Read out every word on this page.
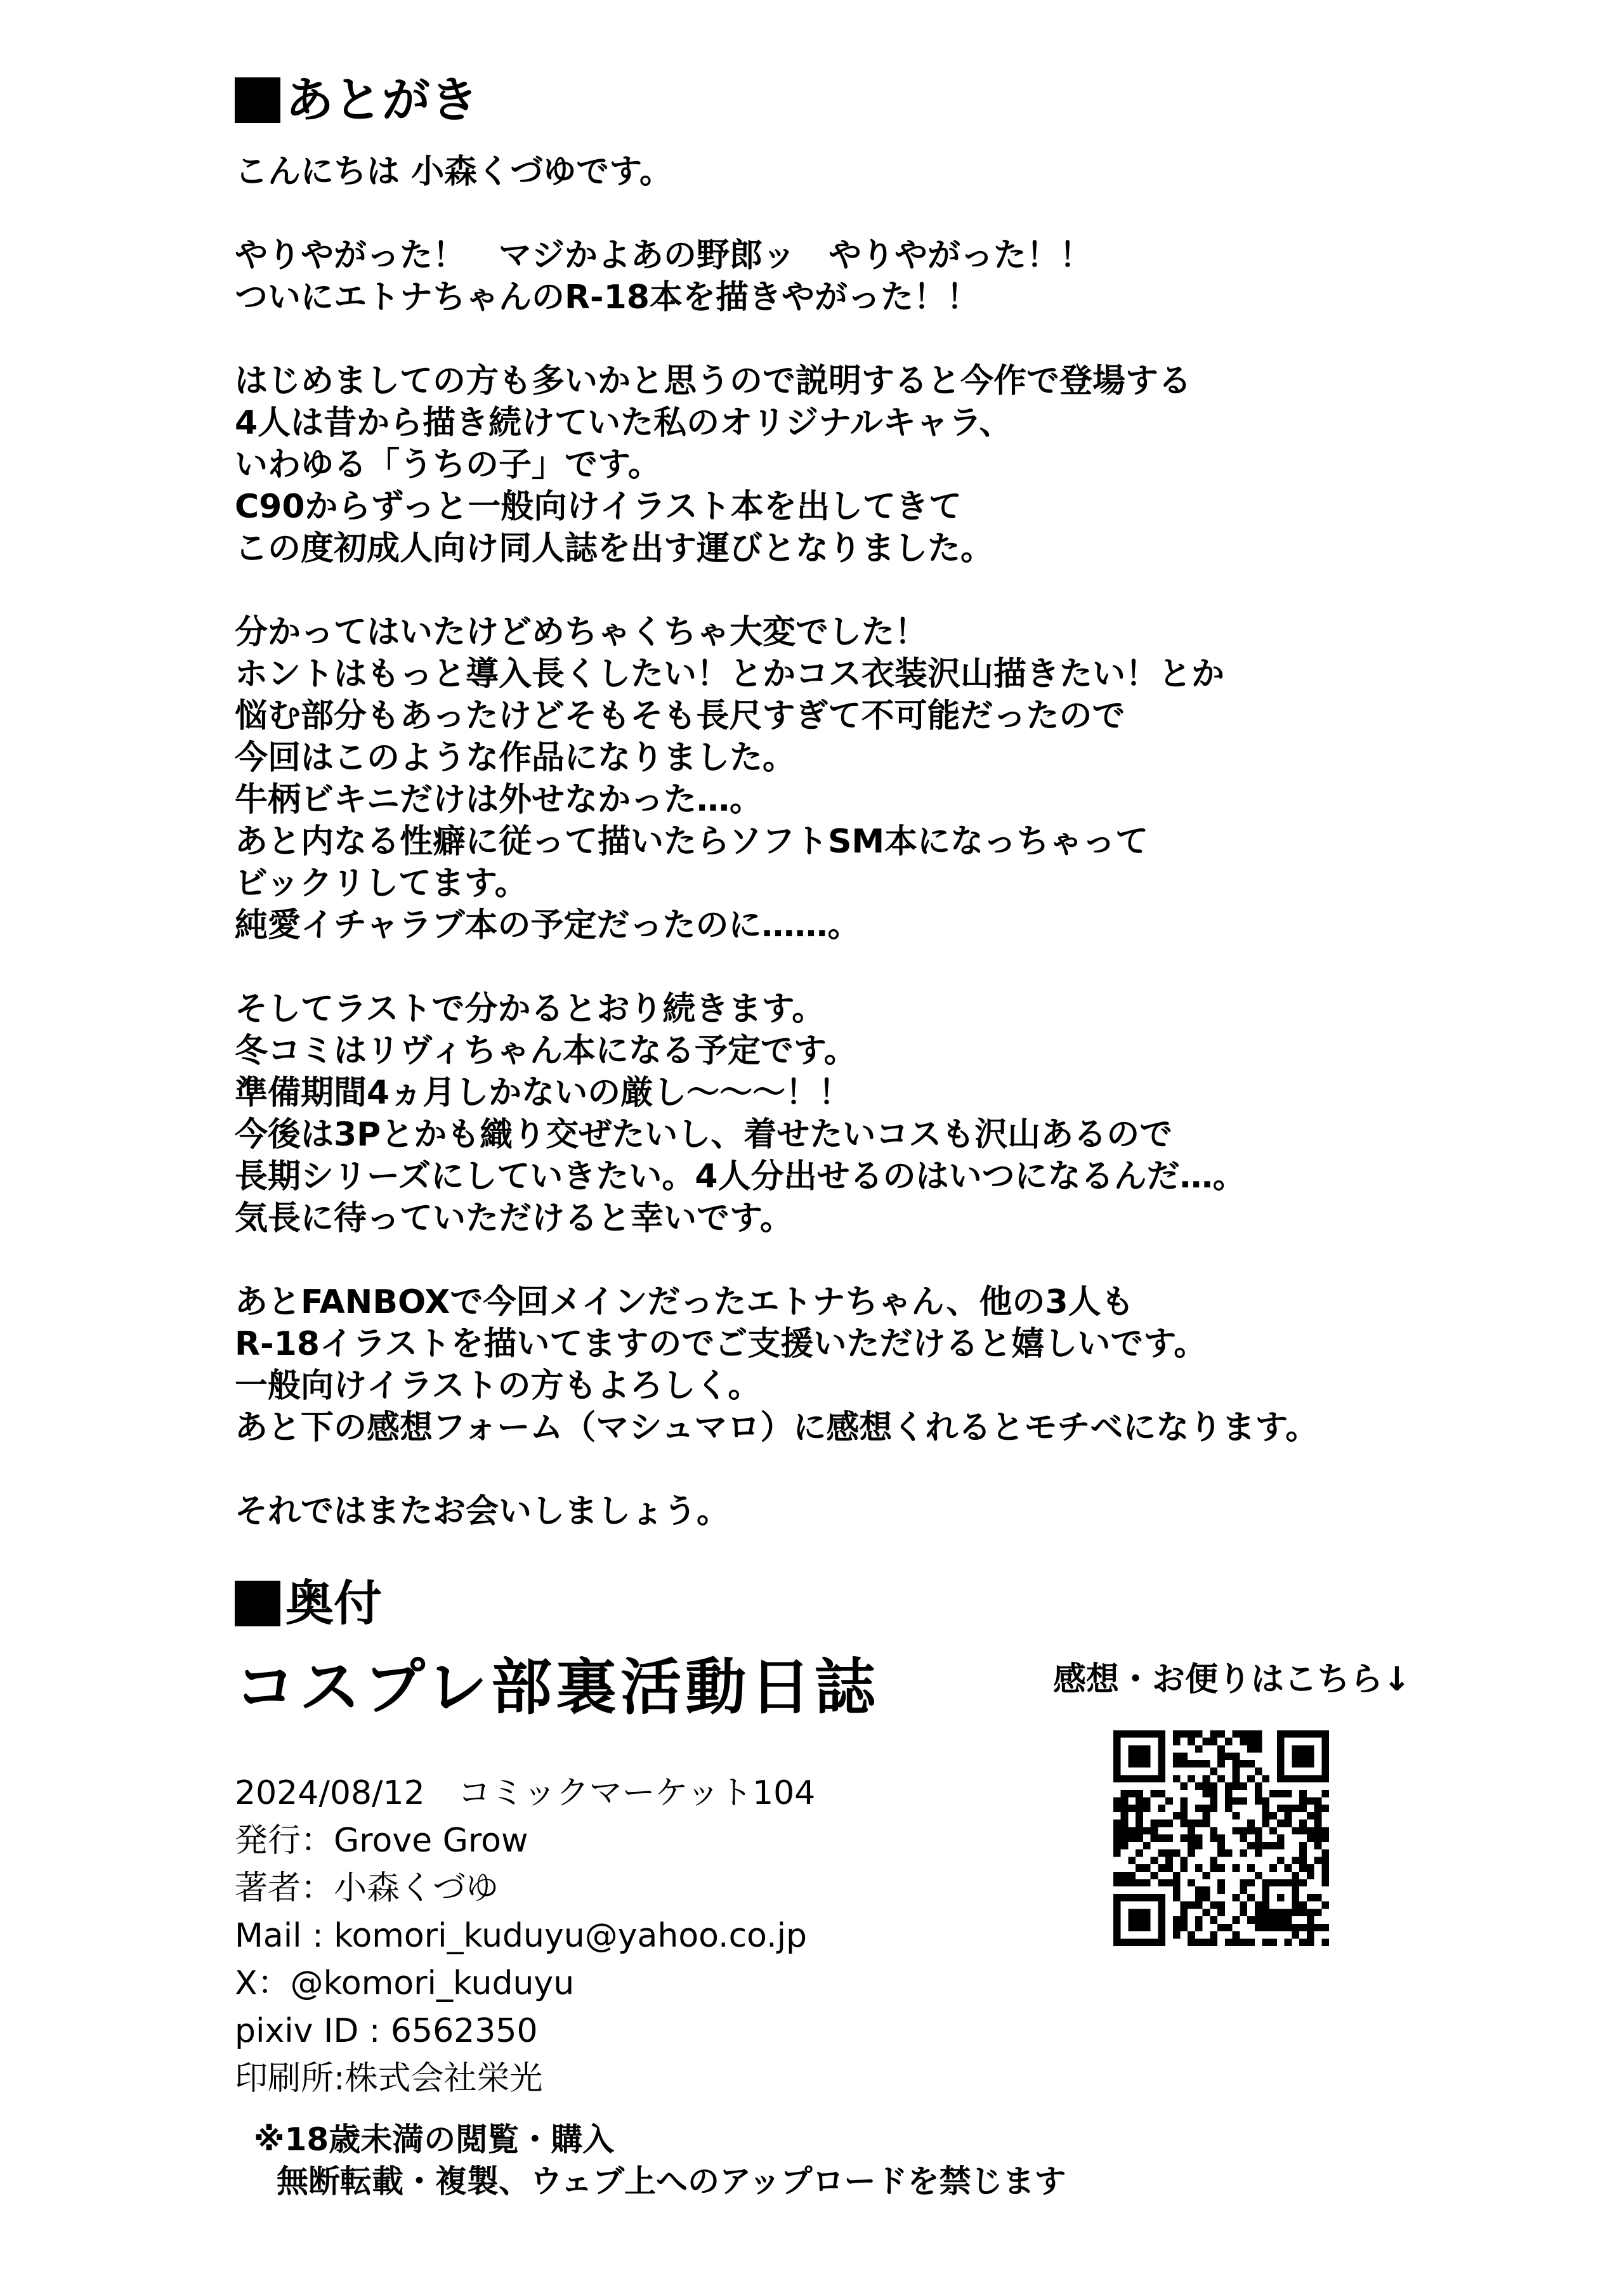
あとがき
こんにちは 小森くづゆです。
やりやがった！　マジかよあの野郎ッ　やりやがった！！
ついにエトナちゃんのR-18本を描きやがった！！
はじめましての方も多いかと思うので説明すると今作で登場する
4人は昔から描き続けていた私のオリジナルキャラ、
いわゆる「うちの子」です。
C90からずっと一般向けイラスト本を出してきて
この度初成人向け同人誌を出す運びとなりました。
分かってはいたけどめちゃくちゃ大変でした！
ホントはもっと導入長くしたい！とかコス衣装沢山描きたい！とか
悩む部分もあったけどそもそも長尺すぎて不可能だったので
今回はこのような作品になりました。
牛柄ビキニだけは外せなかった…。
あと内なる性癖に従って描いたらソフトSM本になっちゃって
ビックリしてます。
純愛イチャラブ本の予定だったのに……。
そしてラストで分かるとおり続きます。
冬コミはリヴィちゃん本になる予定です。
準備期間4ヵ月しかないの厳し〜〜〜！！
今後は3Pとかも織り交ぜたいし、着せたいコスも沢山あるので
長期シリーズにしていきたい。4人分出せるのはいつになるんだ…。
気長に待っていただけると幸いです。
あとFANBOXで今回メインだったエトナちゃん、他の3人も
R-18イラストを描いてますのでご支援いただけると嬉しいです。
一般向けイラストの方もよろしく。
あと下の感想フォーム（マシュマロ）に感想くれるとモチベになります。
それではまたお会いしましょう。
奥付
コスプレ部裏活動日誌	感想・お便りはこちら↓
2024/08/12　コミックマーケット104
発行：Grove Grow
著者：小森くづゆ
Mail : komori_kuduyu@yahoo.co.jp
X：@komori_kuduyu
pixiv ID : 6562350
印刷所:株式会社栄光
※18歳未満の閲覧・購入
無断転載・複製、ウェブ上へのアップロードを禁じます
